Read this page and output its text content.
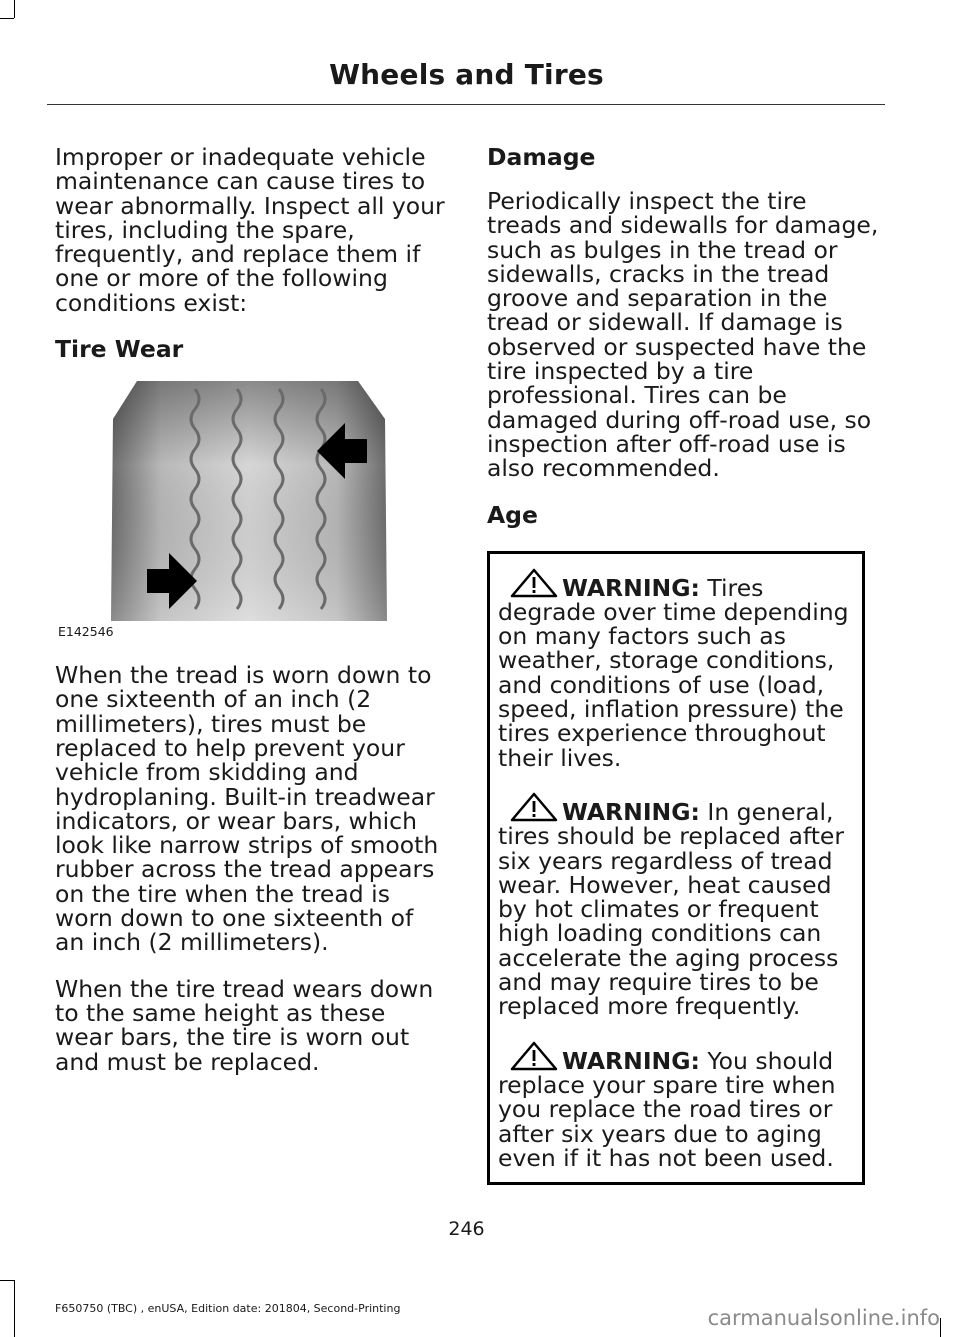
Wheels and Tires

Improper or inadequate vehicle maintenance can cause tires to wear abnormally. Inspect all your tires, including the spare, frequently, and replace them if one or more of the following conditions exist:

Tire Wear
E142546

When the tread is worn down to one sixteenth of an inch (2 millimeters), tires must be replaced to help prevent your vehicle from skidding and hydroplaning. Built-in treadwear indicators, or wear bars, which look like narrow strips of smooth rubber across the tread appears on the tire when the tread is worn down to one sixteenth of an inch (2 millimeters).

When the tire tread wears down to the same height as these wear bars, the tire is worn out and must be replaced.

Damage

Periodically inspect the tire treads and sidewalls for damage, such as bulges in the tread or sidewalls, cracks in the tread groove and separation in the tread or sidewall. If damage is observed or suspected have the tire inspected by a tire professional. Tires can be damaged during off-road use, so inspection after off-road use is also recommended.

Age

WARNING: Tires degrade over time depending on many factors such as weather, storage conditions, and conditions of use (load, speed, inflation pressure) the tires experience throughout their lives.

WARNING: In general, tires should be replaced after six years regardless of tread wear. However, heat caused by hot climates or frequent high loading conditions can accelerate the aging process and may require tires to be replaced more frequently.

WARNING: You should replace your spare tire when you replace the road tires or after six years due to aging even if it has not been used.

246
F650750 (TBC) , enUSA, Edition date: 201804, Second-Printing	carmanualsonline.info
